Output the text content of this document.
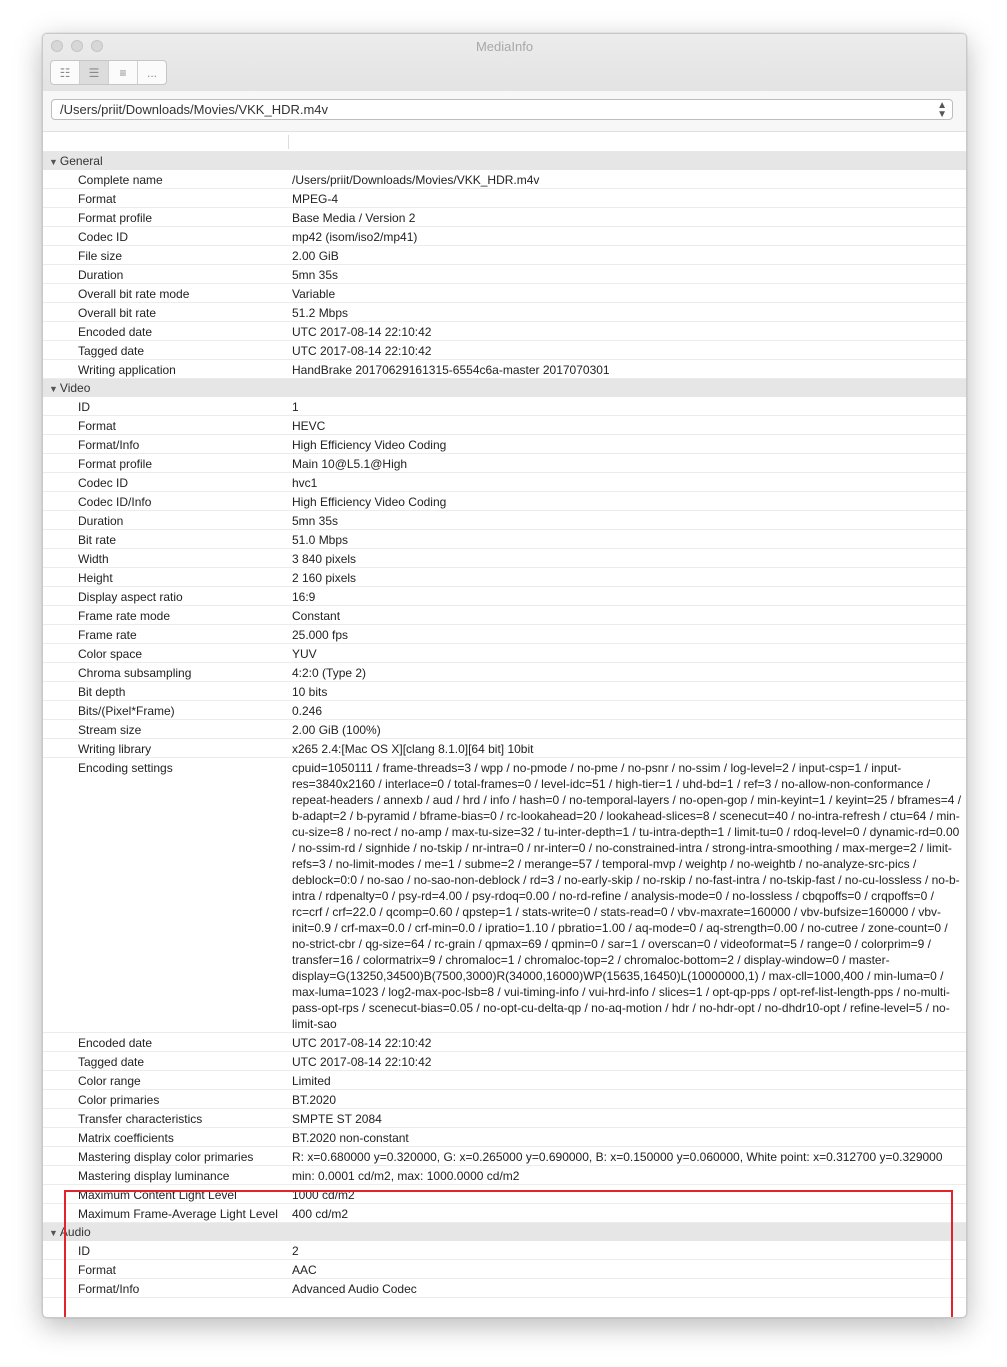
MediaInfo
☷ ☰ ≡ ...
/Users/priit/Downloads/Movies/VKK_HDR.m4v	▲
▼
▼ General
Complete name	/Users/priit/Downloads/Movies/VKK_HDR.m4v
Format	MPEG-4
Format profile	Base Media / Version 2
Codec ID	mp42 (isom/iso2/mp41)
File size	2.00 GiB
Duration	5mn 35s
Overall bit rate mode	Variable
Overall bit rate	51.2 Mbps
Encoded date	UTC 2017-08-14 22:10:42
Tagged date	UTC 2017-08-14 22:10:42
Writing application	HandBrake 20170629161315-6554c6a-master 2017070301
▼ Video
ID	1
Format	HEVC
Format/Info	High Efficiency Video Coding
Format profile	Main 10@L5.1@High
Codec ID	hvc1
Codec ID/Info	High Efficiency Video Coding
Duration	5mn 35s
Bit rate	51.0 Mbps
Width	3 840 pixels
Height	2 160 pixels
Display aspect ratio	16:9
Frame rate mode	Constant
Frame rate	25.000 fps
Color space	YUV
Chroma subsampling	4:2:0 (Type 2)
Bit depth	10 bits
Bits/(Pixel*Frame)	0.246
Stream size	2.00 GiB (100%)
Writing library	x265 2.4:[Mac OS X][clang 8.1.0][64 bit] 10bit
Encoding settings	cpuid=1050111 / frame-threads=3 / wpp / no-pmode / no-pme / no-psnr / no-ssim / log-level=2 / input-csp=1 / input-res=3840x2160 / interlace=0 / total-frames=0 / level-idc=51 / high-tier=1 / uhd-bd=1 / ref=3 / no-allow-non-conformance / repeat-headers / annexb / aud / hrd / info / hash=0 / no-temporal-layers / no-open-gop / min-keyint=1 / keyint=25 / bframes=4 / b-adapt=2 / b-pyramid / bframe-bias=0 / rc-lookahead=20 / lookahead-slices=8 / scenecut=40 / no-intra-refresh / ctu=64 / min-cu-size=8 / no-rect / no-amp / max-tu-size=32 / tu-inter-depth=1 / tu-intra-depth=1 / limit-tu=0 / rdoq-level=0 / dynamic-rd=0.00 / no-ssim-rd / signhide / no-tskip / nr-intra=0 / nr-inter=0 / no-constrained-intra / strong-intra-smoothing / max-merge=2 / limit-refs=3 / no-limit-modes / me=1 / subme=2 / merange=57 / temporal-mvp / weightp / no-weightb / no-analyze-src-pics / deblock=0:0 / no-sao / no-sao-non-deblock / rd=3 / no-early-skip / no-rskip / no-fast-intra / no-tskip-fast / no-cu-lossless / no-b-intra / rdpenalty=0 / psy-rd=4.00 / psy-rdoq=0.00 / no-rd-refine / analysis-mode=0 / no-lossless / cbqpoffs=0 / crqpoffs=0 / rc=crf / crf=22.0 / qcomp=0.60 / qpstep=1 / stats-write=0 / stats-read=0 / vbv-maxrate=160000 / vbv-bufsize=160000 / vbv-init=0.9 / crf-max=0.0 / crf-min=0.0 / ipratio=1.10 / pbratio=1.00 / aq-mode=0 / aq-strength=0.00 / no-cutree / zone-count=0 / no-strict-cbr / qg-size=64 / rc-grain / qpmax=69 / qpmin=0 / sar=1 / overscan=0 / videoformat=5 / range=0 / colorprim=9 / transfer=16 / colormatrix=9 / chromaloc=1 / chromaloc-top=2 / chromaloc-bottom=2 / display-window=0 / master-display=G(13250,34500)B(7500,3000)R(34000,16000)WP(15635,16450)L(10000000,1) / max-cll=1000,400 / min-luma=0 / max-luma=1023 / log2-max-poc-lsb=8 / vui-timing-info / vui-hrd-info / slices=1 / opt-qp-pps / opt-ref-list-length-pps / no-multi-pass-opt-rps / scenecut-bias=0.05 / no-opt-cu-delta-qp / no-aq-motion / hdr / no-hdr-opt / no-dhdr10-opt / refine-level=5 / no-limit-sao
Encoded date	UTC 2017-08-14 22:10:42
Tagged date	UTC 2017-08-14 22:10:42
Color range	Limited
Color primaries	BT.2020
Transfer characteristics	SMPTE ST 2084
Matrix coefficients	BT.2020 non-constant
Mastering display color primaries	R: x=0.680000 y=0.320000, G: x=0.265000 y=0.690000, B: x=0.150000 y=0.060000, White point: x=0.312700 y=0.329000
Mastering display luminance	min: 0.0001 cd/m2, max: 1000.0000 cd/m2
Maximum Content Light Level	1000 cd/m2
Maximum Frame-Average Light Level	400 cd/m2
▼ Audio
ID	2
Format	AAC
Format/Info	Advanced Audio Codec
